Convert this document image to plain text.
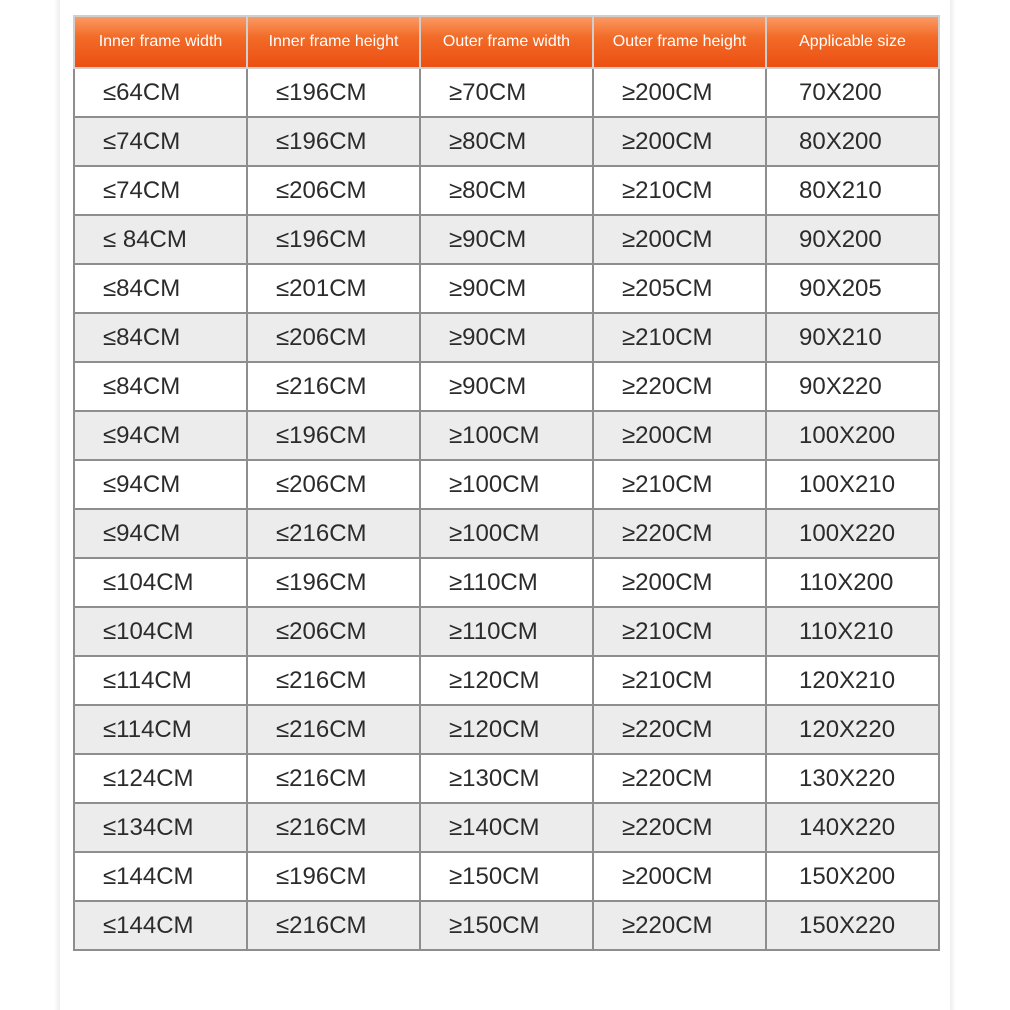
Inner frame width	Inner frame height	Outer frame width	Outer frame height	Applicable size
≤64CM	≤196CM	≥70CM	≥200CM	70X200
≤74CM	≤196CM	≥80CM	≥200CM	80X200
≤74CM	≤206CM	≥80CM	≥210CM	80X210
≤ 84CM	≤196CM	≥90CM	≥200CM	90X200
≤84CM	≤201CM	≥90CM	≥205CM	90X205
≤84CM	≤206CM	≥90CM	≥210CM	90X210
≤84CM	≤216CM	≥90CM	≥220CM	90X220
≤94CM	≤196CM	≥100CM	≥200CM	100X200
≤94CM	≤206CM	≥100CM	≥210CM	100X210
≤94CM	≤216CM	≥100CM	≥220CM	100X220
≤104CM	≤196CM	≥110CM	≥200CM	110X200
≤104CM	≤206CM	≥110CM	≥210CM	110X210
≤114CM	≤216CM	≥120CM	≥210CM	120X210
≤114CM	≤216CM	≥120CM	≥220CM	120X220
≤124CM	≤216CM	≥130CM	≥220CM	130X220
≤134CM	≤216CM	≥140CM	≥220CM	140X220
≤144CM	≤196CM	≥150CM	≥200CM	150X200
≤144CM	≤216CM	≥150CM	≥220CM	150X220
